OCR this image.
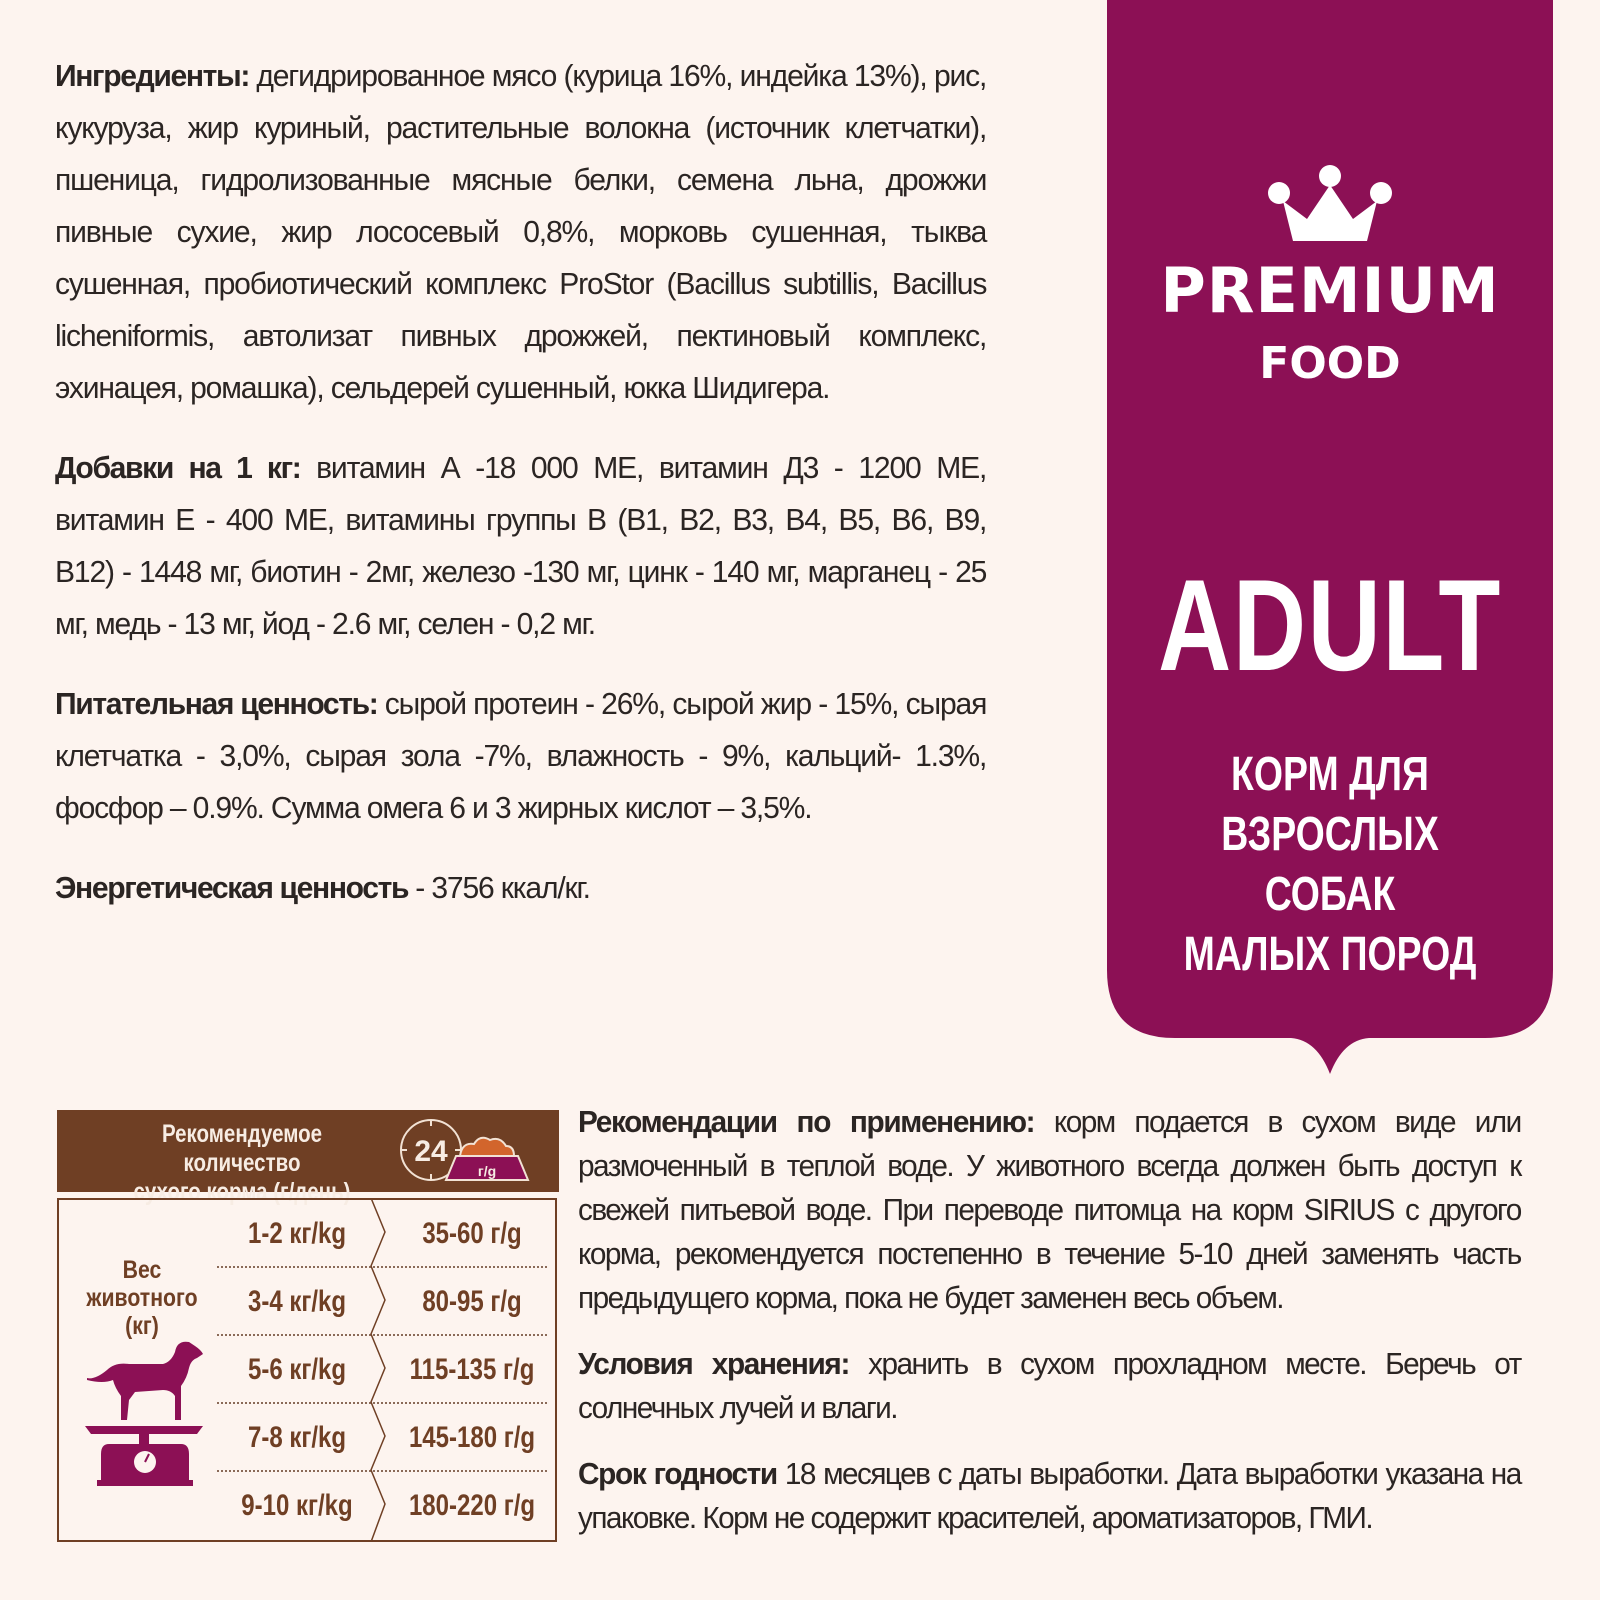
Ингредиенты: дегидрированное мясо (курица 16%, индейка 13%), рис, кукуруза, жир куриный, растительные волокна (источник клетчатки), пшеница, гидролизованные мясные белки, семена льна, дрожжи пивные сухие, жир лососевый 0,8%, морковь сушенная, тыква сушенная, пробиотический комплекс ProStor (Bacillus subtillis, Bacillus licheniformis, автолизат пивных дрожжей, пектиновый комплекс, эхинацея, ромашка), сельдерей сушенный, юкка Шидигера.

Добавки на 1 кг: витамин А -18 000 МЕ, витамин Д3 - 1200 МЕ, витамин Е - 400 МЕ, витамины группы В (В1, В2, В3, В4, В5, В6, В9, В12) - 1448 мг, биотин - 2мг, железо -130 мг, цинк - 140 мг, марганец - 25 мг, медь - 13 мг, йод - 2.6 мг, селен - 0,2 мг.

Питательная ценность: сырой протеин - 26%, сырой жир - 15%, сырая клетчатка - 3,0%, сырая зола -7%, влажность - 9%, кальций- 1.3%, фосфор – 0.9%. Сумма омега 6 и 3 жирных кислот – 3,5%.

Энергетическая ценность - 3756 ккал/кг.

PREMIUM
FOOD
ADULT
КОРМ ДЛЯ
ВЗРОСЛЫХ СОБАК
МАЛЫХ ПОРОД
Рекомендуемое количество
сухого корма (г/день)
24
г/g
Вес
животного
(кг)
1-2 кг/kg	35-60 г/g
3-4 кг/kg	80-95 г/g
5-6 кг/kg	115-135 г/g
7-8 кг/kg	145-180 г/g
9-10 кг/kg 180-220 г/g

Рекомендации по применению: корм подается в сухом виде или размоченный в теплой воде. У животного всегда должен быть доступ к свежей питьевой воде. При переводе питомца на корм SIRIUS с другого корма, рекомендуется постепенно в течение 5-10 дней заменять часть предыдущего корма, пока не будет заменен весь объем.

Условия хранения: хранить в сухом прохладном месте. Беречь от солнечных лучей и влаги.

Срок годности 18 месяцев с даты выработки. Дата выработки указана на упаковке. Корм не содержит красителей, ароматизаторов, ГМИ.
